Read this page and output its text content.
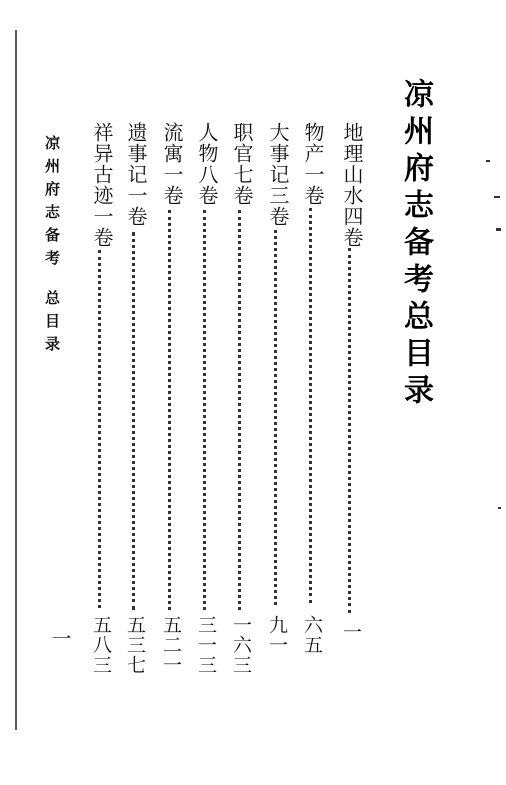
凉州府志备考总目录
地理山水四卷
一
物产一卷
六五
大事记三卷
九一
职官七卷
一六三
人物八卷
三一三
流寓一卷
五二一
遗事记一卷
五三七
祥异古迹一卷
五八三
凉州府志备考
总目录
一
